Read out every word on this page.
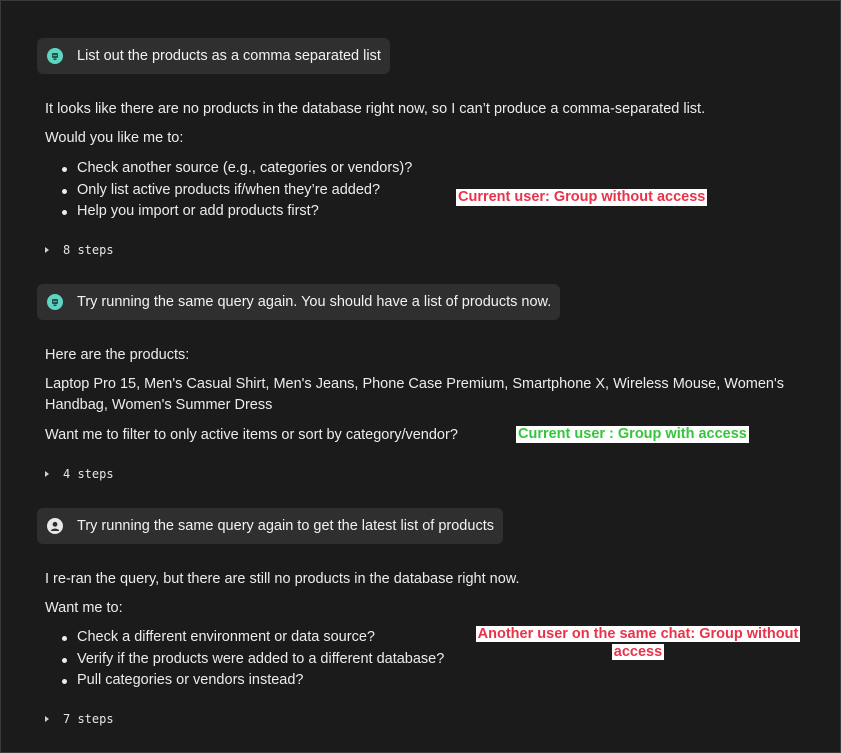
List out the products as a comma separated list
It looks like there are no products in the database right now, so I can’t produce a comma-separated list.
Would you like me to:
Check another source (e.g., categories or vendors)?
Only list active products if/when they’re added?
Help you import or add products first?
Current user: Group without access
8 steps
Try running the same query again. You should have a list of products now.
Here are the products:
Laptop Pro 15, Men's Casual Shirt, Men's Jeans, Phone Case Premium, Smartphone X, Wireless Mouse, Women's Handbag, Women's Summer Dress
Want me to filter to only active items or sort by category/vendor?	Current user : Group with access
4 steps
Try running the same query again to get the latest list of products
I re-ran the query, but there are still no products in the database right now.
Want me to:
Check a different environment or data source?
Verify if the products were added to a different database?
Pull categories or vendors instead?
Another user on the same chat: Group without
access
7 steps
